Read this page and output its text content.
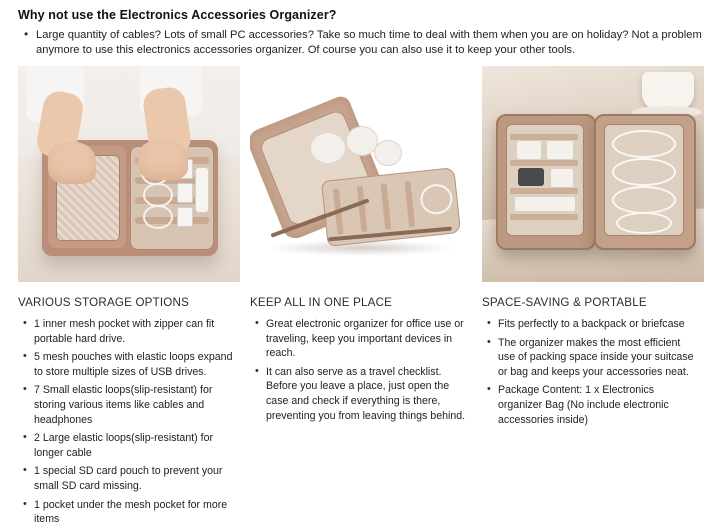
Why not use the Electronics Accessories Organizer?
• Large quantity of cables? Lots of small PC accessories? Take so much time to deal with them when you are on holiday? Not a problem anymore to use this electronics accessories organizer. Of course you can also use it to keep your other tools.
VARIOUS STORAGE OPTIONS
• 1 inner mesh pocket with zipper can fit portable hard drive.
• 5 mesh pouches with elastic loops expand to store multiple sizes of USB drives.
• 7 Small elastic loops(slip-resistant) for storing various items like cables and headphones
• 2 Large elastic loops(slip-resistant) for longer cable
• 1 special SD card pouch to prevent your small SD card missing.
• 1 pocket under the mesh pocket for more items
KEEP ALL IN ONE PLACE
• Great electronic organizer for office use or traveling, keep you important devices in reach.
• It can also serve as a travel checklist. Before you leave a place, just open the case and check if everything is there, preventing you from leaving things behind.
SPACE-SAVING & PORTABLE
• Fits perfectly to a backpack or briefcase
• The organizer makes the most efficient use of packing space inside your suitcase or bag and keeps your accessories neat.
• Package Content: 1 x Electronics organizer Bag (No include electronic accessories inside)
